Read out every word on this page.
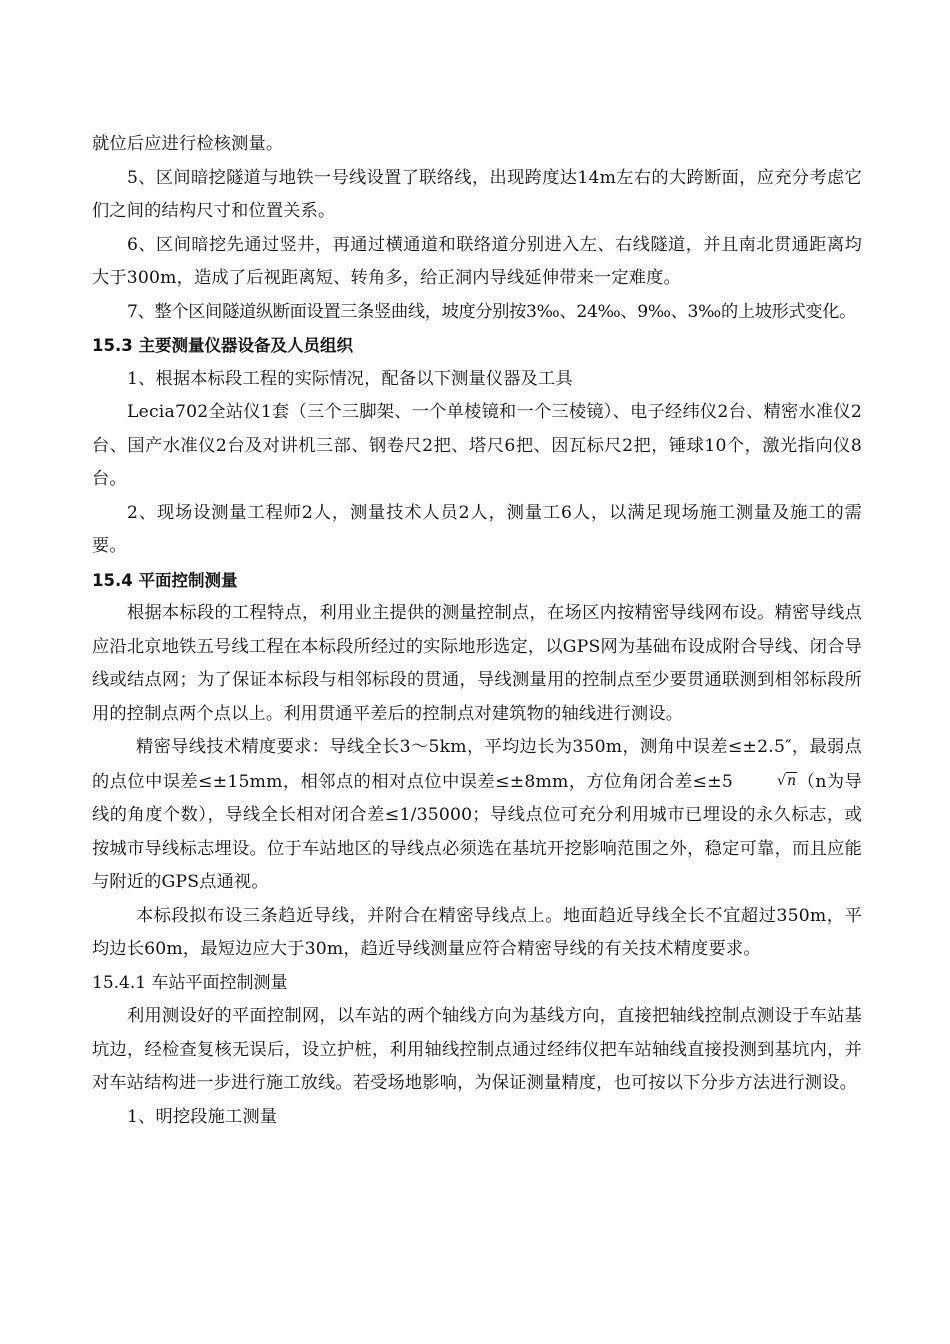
就位后应进行检核测量。

5、区间暗挖隧道与地铁一号线设置了联络线，出现跨度达14m左右的大跨断面，应充分考虑它们之间的结构尺寸和位置关系。

6、区间暗挖先通过竖井，再通过横通道和联络道分别进入左、右线隧道，并且南北贯通距离均大于300m，造成了后视距离短、转角多，给正洞内导线延伸带来一定难度。

7、整个区间隧道纵断面设置三条竖曲线，坡度分别按3‰、24‰、9‰、3‰的上坡形式变化。

15.3 主要测量仪器设备及人员组织

1、根据本标段工程的实际情况，配备以下测量仪器及工具

Lecia702全站仪1套（三个三脚架、一个单棱镜和一个三棱镜）、电子经纬仪2台、精密水准仪2台、国产水准仪2台及对讲机三部、钢卷尺2把、塔尺6把、因瓦标尺2把，锤球10个，激光指向仪8台。

2、现场设测量工程师2人，测量技术人员2人，测量工6人，以满足现场施工测量及施工的需要。

15.4 平面控制测量

根据本标段的工程特点，利用业主提供的测量控制点，在场区内按精密导线网布设。精密导线点应沿北京地铁五号线工程在本标段所经过的实际地形选定，以GPS网为基础布设成附合导线、闭合导线或结点网；为了保证本标段与相邻标段的贯通，导线测量用的控制点至少要贯通联测到相邻标段所用的控制点两个点以上。利用贯通平差后的控制点对建筑物的轴线进行测设。

精密导线技术精度要求：导线全长3～5km，平均边长为350m，测角中误差≤±2.5″，最弱点的点位中误差≤±15mm，相邻点的相对点位中误差≤±8mm，方位角闭合差≤±5	√n（n为导线的角度个数），导线全长相对闭合差≤1/35000；导线点位可充分利用城市已埋设的永久标志，或按城市导线标志埋设。位于车站地区的导线点必须选在基坑开挖影响范围之外，稳定可靠，而且应能与附近的GPS点通视。

本标段拟布设三条趋近导线，并附合在精密导线点上。地面趋近导线全长不宜超过350m，平均边长60m，最短边应大于30m，趋近导线测量应符合精密导线的有关技术精度要求。

15.4.1 车站平面控制测量

利用测设好的平面控制网，以车站的两个轴线方向为基线方向，直接把轴线控制点测设于车站基坑边，经检查复核无误后，设立护桩，利用轴线控制点通过经纬仪把车站轴线直接投测到基坑内，并对车站结构进一步进行施工放线。若受场地影响，为保证测量精度，也可按以下分步方法进行测设。

1、明挖段施工测量
